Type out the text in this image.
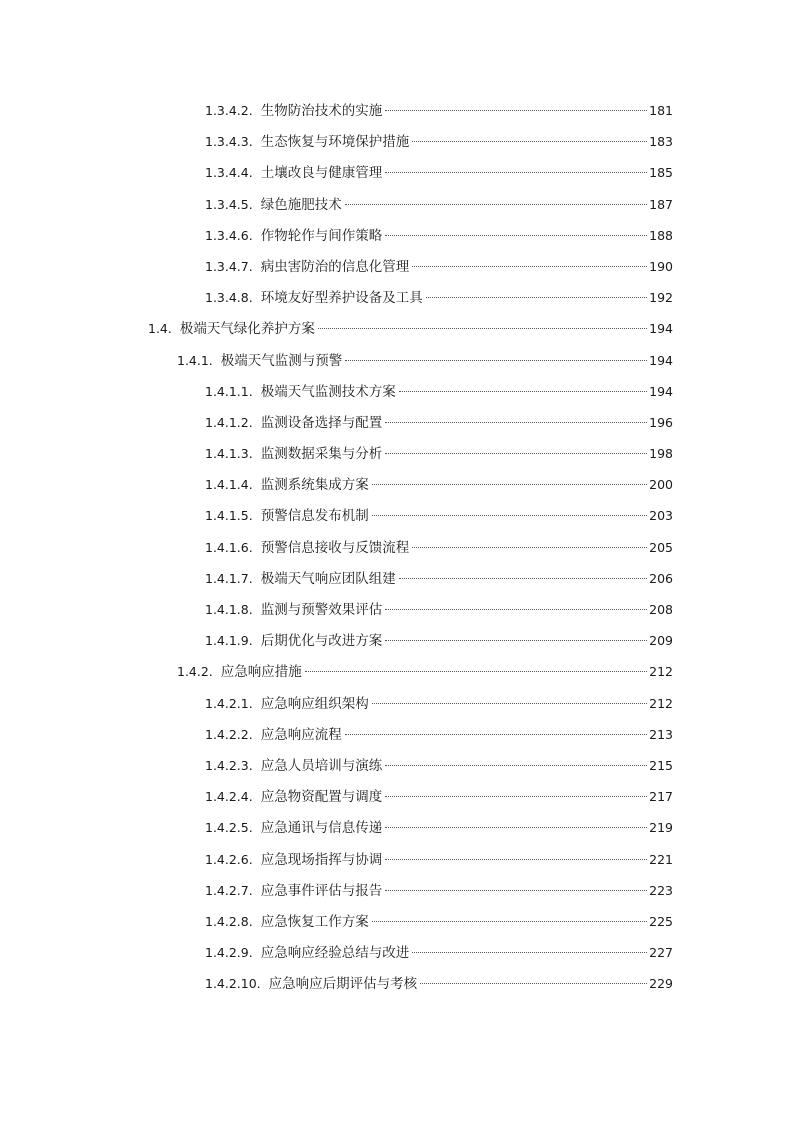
1.3.4.2. 生物防治技术的实施	181
1.3.4.3. 生态恢复与环境保护措施	183
1.3.4.4. 土壤改良与健康管理	185
1.3.4.5. 绿色施肥技术	187
1.3.4.6. 作物轮作与间作策略	188
1.3.4.7. 病虫害防治的信息化管理	190
1.3.4.8. 环境友好型养护设备及工具	192
1.4. 极端天气绿化养护方案	194
1.4.1. 极端天气监测与预警	194
1.4.1.1. 极端天气监测技术方案	194
1.4.1.2. 监测设备选择与配置	196
1.4.1.3. 监测数据采集与分析	198
1.4.1.4. 监测系统集成方案	200
1.4.1.5. 预警信息发布机制	203
1.4.1.6. 预警信息接收与反馈流程	205
1.4.1.7. 极端天气响应团队组建	206
1.4.1.8. 监测与预警效果评估	208
1.4.1.9. 后期优化与改进方案	209
1.4.2. 应急响应措施	212
1.4.2.1. 应急响应组织架构	212
1.4.2.2. 应急响应流程	213
1.4.2.3. 应急人员培训与演练	215
1.4.2.4. 应急物资配置与调度	217
1.4.2.5. 应急通讯与信息传递	219
1.4.2.6. 应急现场指挥与协调	221
1.4.2.7. 应急事件评估与报告	223
1.4.2.8. 应急恢复工作方案	225
1.4.2.9. 应急响应经验总结与改进	227
1.4.2.10. 应急响应后期评估与考核	229
